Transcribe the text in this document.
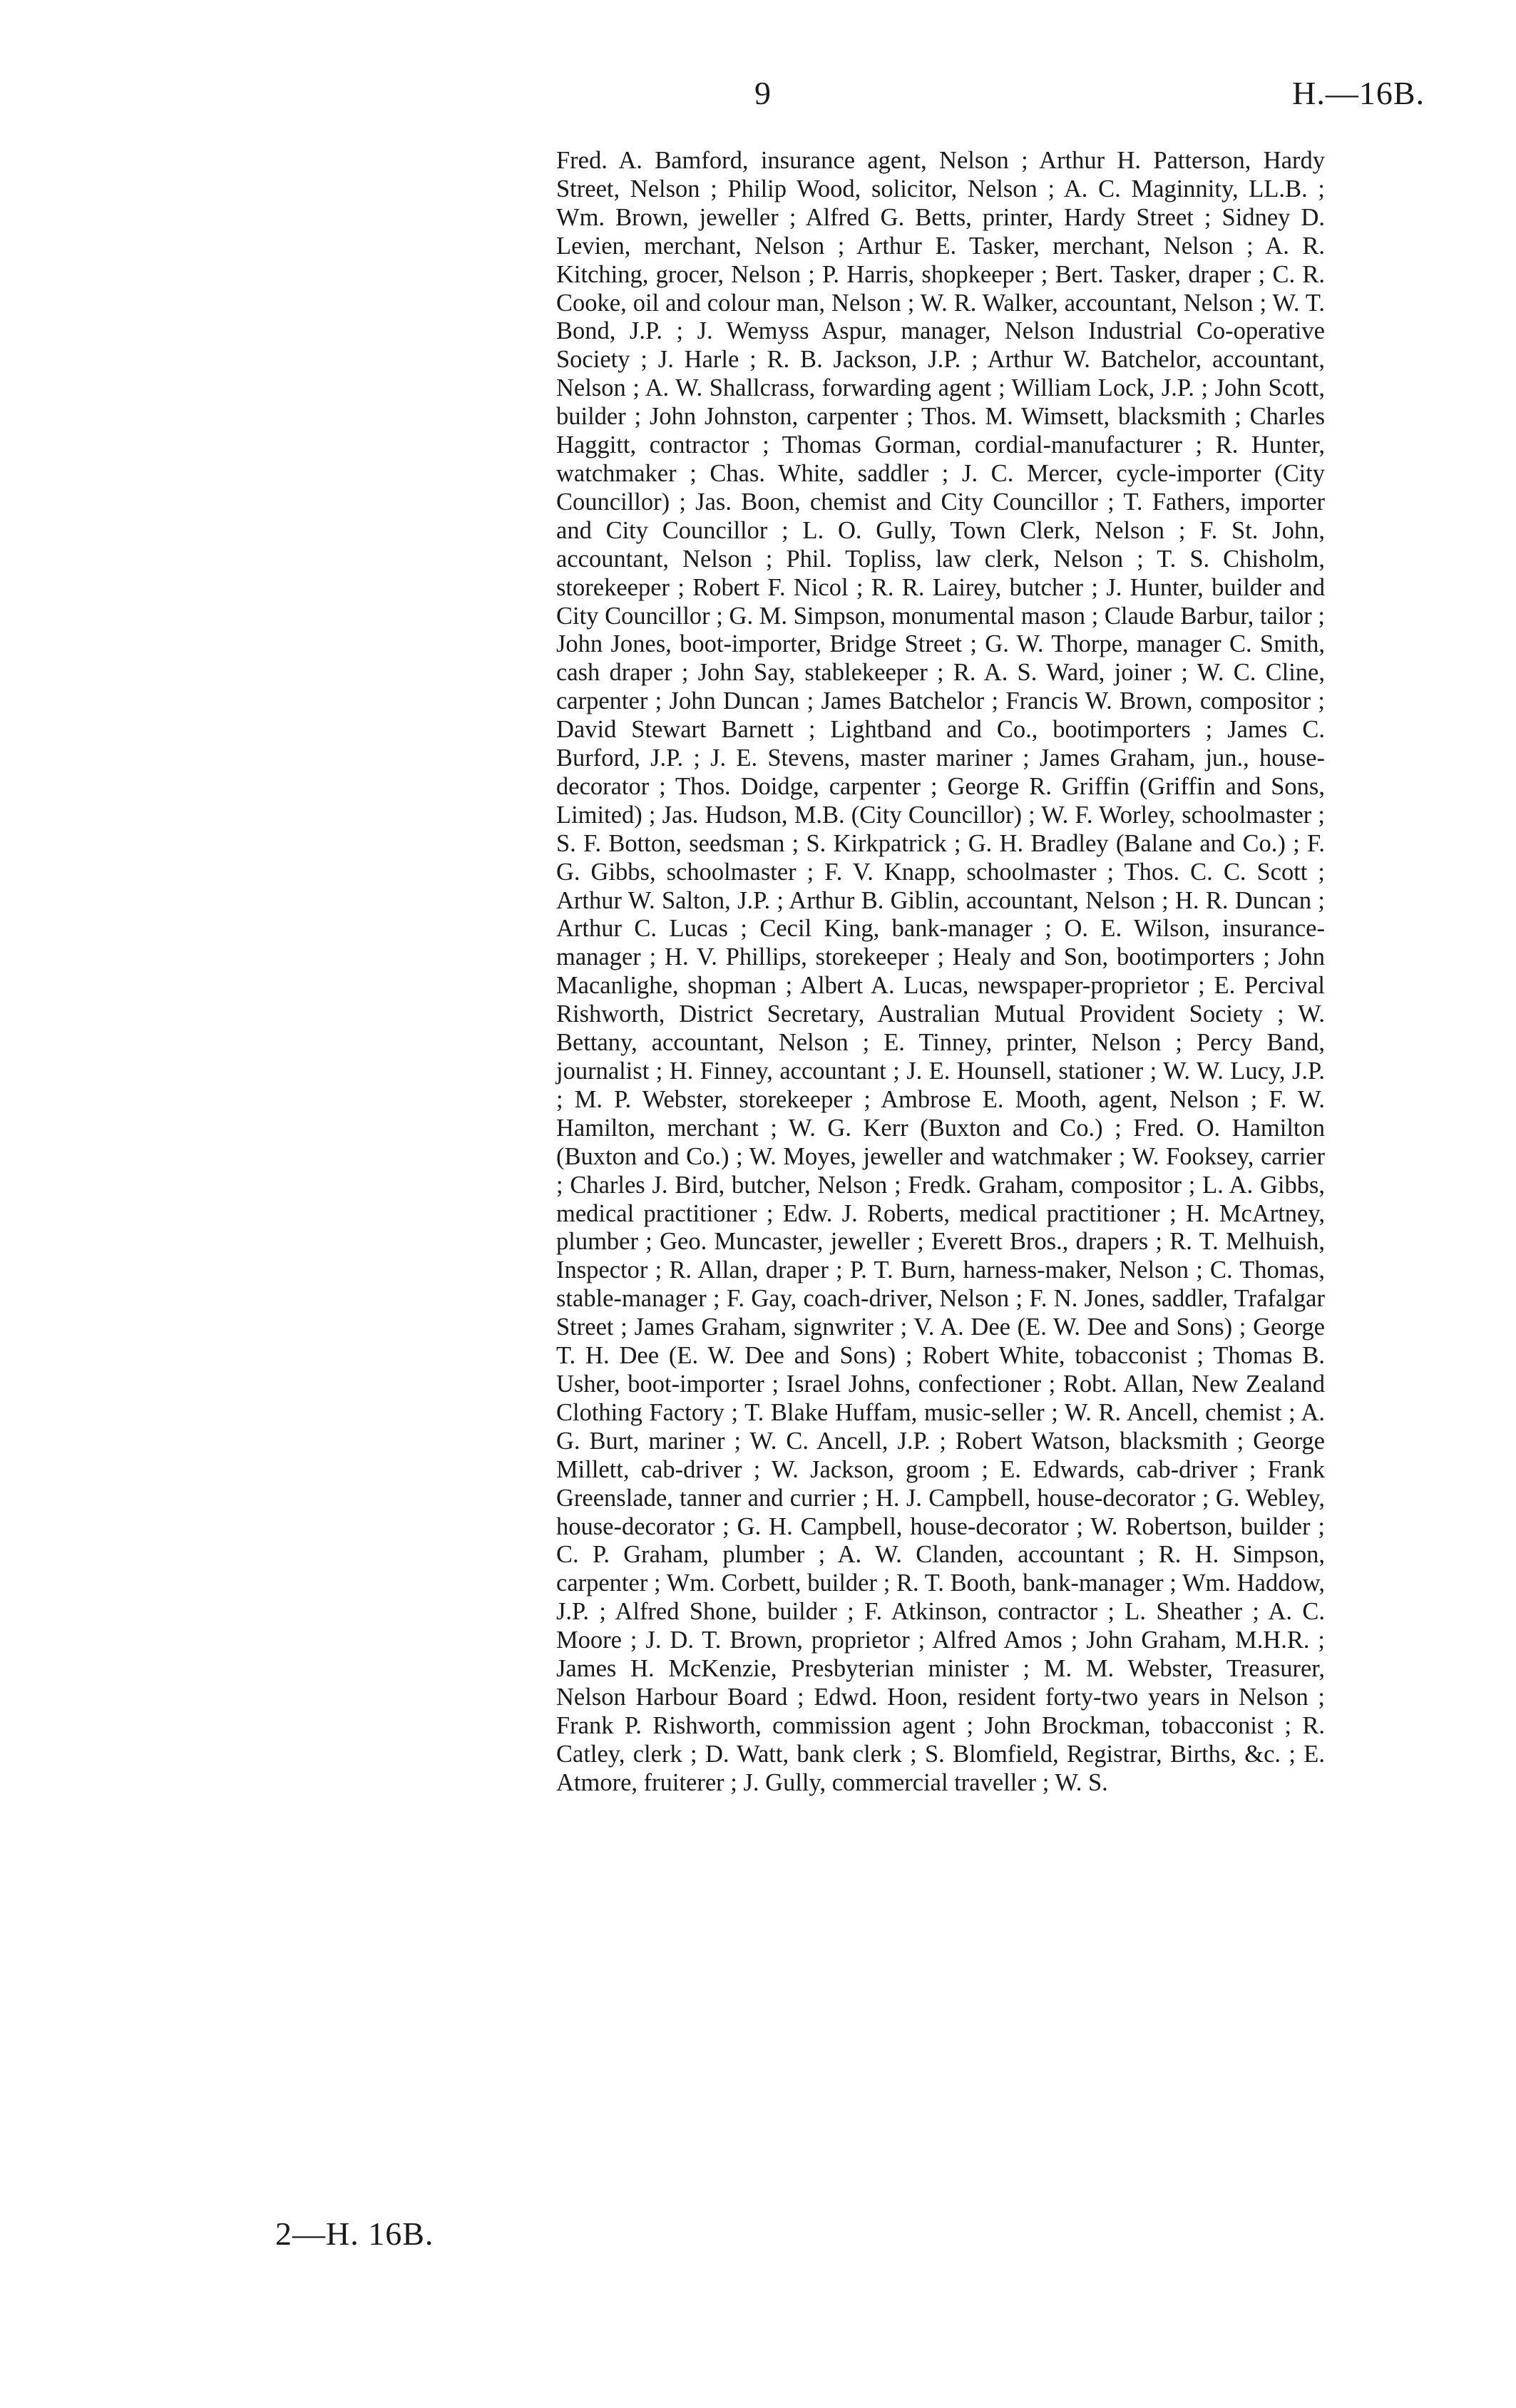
9	H.—16B.
Fred. A. Bamford, insurance agent, Nelson ; Arthur H. Patterson, Hardy Street, Nelson ; Philip Wood, solicitor, Nelson ; A. C. Maginnity, LL.B. ; Wm. Brown, jeweller ; Alfred G. Betts, printer, Hardy Street ; Sidney D. Levien, merchant, Nelson ; Arthur E. Tasker, merchant, Nelson ; A. R. Kitching, grocer, Nelson ; P. Harris, shopkeeper ; Bert. Tasker, draper ; C. R. Cooke, oil and colour man, Nelson ; W. R. Walker, accountant, Nelson ; W. T. Bond, J.P. ; J. Wemyss Aspur, manager, Nelson Industrial Co-operative Society ; J. Harle ; R. B. Jackson, J.P. ; Arthur W. Batchelor, accountant, Nelson ; A. W. Shallcrass, forwarding agent ; William Lock, J.P. ; John Scott, builder ; John Johnston, carpenter ; Thos. M. Wimsett, blacksmith ; Charles Haggitt, contractor ; Thomas Gorman, cordial-manufacturer ; R. Hunter, watchmaker ; Chas. White, saddler ; J. C. Mercer, cycle-importer (City Councillor) ; Jas. Boon, chemist and City Councillor ; T. Fathers, importer and City Councillor ; L. O. Gully, Town Clerk, Nelson ; F. St. John, accountant, Nelson ; Phil. Topliss, law clerk, Nelson ; T. S. Chisholm, storekeeper ; Robert F. Nicol ; R. R. Lairey, butcher ; J. Hunter, builder and City Councillor ; G. M. Simpson, monumental mason ; Claude Barbur, tailor ; John Jones, boot-importer, Bridge Street ; G. W. Thorpe, manager C. Smith, cash draper ; John Say, stablekeeper ; R. A. S. Ward, joiner ; W. C. Cline, carpenter ; John Duncan ; James Batchelor ; Francis W. Brown, compositor ; David Stewart Barnett ; Lightband and Co., bootimporters ; James C. Burford, J.P. ; J. E. Stevens, master mariner ; James Graham, jun., house-decorator ; Thos. Doidge, carpenter ; George R. Griffin (Griffin and Sons, Limited) ; Jas. Hudson, M.B. (City Councillor) ; W. F. Worley, schoolmaster ; S. F. Botton, seedsman ; S. Kirkpatrick ; G. H. Bradley (Balane and Co.) ; F. G. Gibbs, schoolmaster ; F. V. Knapp, schoolmaster ; Thos. C. C. Scott ; Arthur W. Salton, J.P. ; Arthur B. Giblin, accountant, Nelson ; H. R. Duncan ; Arthur C. Lucas ; Cecil King, bank-manager ; O. E. Wilson, insurancemanager ; H. V. Phillips, storekeeper ; Healy and Son, bootimporters ; John Macanlighe, shopman ; Albert A. Lucas, newspaper-proprietor ; E. Percival Rishworth, District Secretary, Australian Mutual Provident Society ; W. Bettany, accountant, Nelson ; E. Tinney, printer, Nelson ; Percy Band, journalist ; H. Finney, accountant ; J. E. Hounsell, stationer ; W. W. Lucy, J.P. ; M. P. Webster, storekeeper ; Ambrose E. Mooth, agent, Nelson ; F. W. Hamilton, merchant ; W. G. Kerr (Buxton and Co.) ; Fred. O. Hamilton (Buxton and Co.) ; W. Moyes, jeweller and watchmaker ; W. Fooksey, carrier ; Charles J. Bird, butcher, Nelson ; Fredk. Graham, compositor ; L. A. Gibbs, medical practitioner ; Edw. J. Roberts, medical practitioner ; H. McArtney, plumber ; Geo. Muncaster, jeweller ; Everett Bros., drapers ; R. T. Melhuish, Inspector ; R. Allan, draper ; P. T. Burn, harness-maker, Nelson ; C. Thomas, stable-manager ; F. Gay, coach-driver, Nelson ; F. N. Jones, saddler, Trafalgar Street ; James Graham, signwriter ; V. A. Dee (E. W. Dee and Sons) ; George T. H. Dee (E. W. Dee and Sons) ; Robert White, tobacconist ; Thomas B. Usher, boot-importer ; Israel Johns, confectioner ; Robt. Allan, New Zealand Clothing Factory ; T. Blake Huffam, music-seller ; W. R. Ancell, chemist ; A. G. Burt, mariner ; W. C. Ancell, J.P. ; Robert Watson, blacksmith ; George Millett, cab-driver ; W. Jackson, groom ; E. Edwards, cab-driver ; Frank Greenslade, tanner and currier ; H. J. Campbell, house-decorator ; G. Webley, house-decorator ; G. H. Campbell, house-decorator ; W. Robertson, builder ; C. P. Graham, plumber ; A. W. Clanden, accountant ; R. H. Simpson, carpenter ; Wm. Corbett, builder ; R. T. Booth, bank-manager ; Wm. Haddow, J.P. ; Alfred Shone, builder ; F. Atkinson, contractor ; L. Sheather ; A. C. Moore ; J. D. T. Brown, proprietor ; Alfred Amos ; John Graham, M.H.R. ; James H. McKenzie, Presbyterian minister ; M. M. Webster, Treasurer, Nelson Harbour Board ; Edwd. Hoon, resident forty-two years in Nelson ; Frank P. Rishworth, commission agent ; John Brockman, tobacconist ; R. Catley, clerk ; D. Watt, bank clerk ; S. Blomfield, Registrar, Births, &c. ; E. Atmore, fruiterer ; J. Gully, commercial traveller ; W. S.
2—H. 16B.
